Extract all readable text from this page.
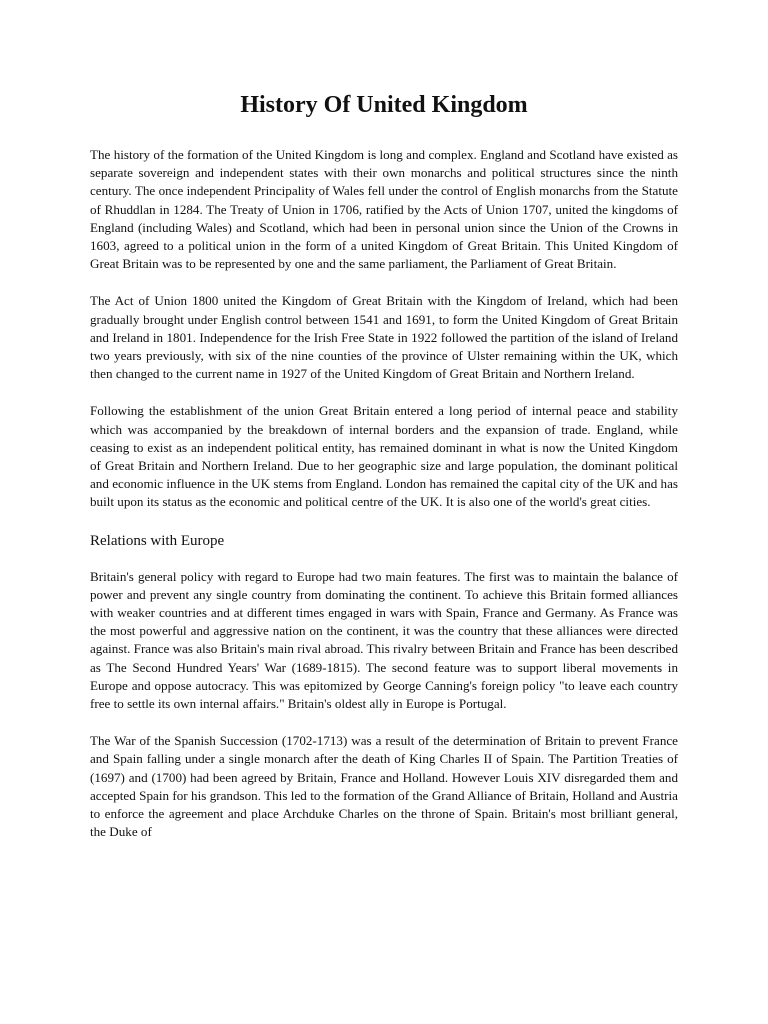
History Of United Kingdom

The history of the formation of the United Kingdom is long and complex. England and Scotland have existed as separate sovereign and independent states with their own monarchs and political structures since the ninth century. The once independent Principality of Wales fell under the control of English monarchs from the Statute of Rhuddlan in 1284. The Treaty of Union in 1706, ratified by the Acts of Union 1707, united the kingdoms of England (including Wales) and Scotland, which had been in personal union since the Union of the Crowns in 1603, agreed to a political union in the form of a united Kingdom of Great Britain. This United Kingdom of Great Britain was to be represented by one and the same parliament, the Parliament of Great Britain.

The Act of Union 1800 united the Kingdom of Great Britain with the Kingdom of Ireland, which had been gradually brought under English control between 1541 and 1691, to form the United Kingdom of Great Britain and Ireland in 1801. Independence for the Irish Free State in 1922 followed the partition of the island of Ireland two years previously, with six of the nine counties of the province of Ulster remaining within the UK, which then changed to the current name in 1927 of the United Kingdom of Great Britain and Northern Ireland.

Following the establishment of the union Great Britain entered a long period of internal peace and stability which was accompanied by the breakdown of internal borders and the expansion of trade. England, while ceasing to exist as an independent political entity, has remained dominant in what is now the United Kingdom of Great Britain and Northern Ireland. Due to her geographic size and large population, the dominant political and economic influence in the UK stems from England. London has remained the capital city of the UK and has built upon its status as the economic and political centre of the UK. It is also one of the world's great cities.

Relations with Europe

Britain's general policy with regard to Europe had two main features. The first was to maintain the balance of power and prevent any single country from dominating the continent. To achieve this Britain formed alliances with weaker countries and at different times engaged in wars with Spain, France and Germany. As France was the most powerful and aggressive nation on the continent, it was the country that these alliances were directed against. France was also Britain's main rival abroad. This rivalry between Britain and France has been described as The Second Hundred Years' War (1689-1815). The second feature was to support liberal movements in Europe and oppose autocracy. This was epitomized by George Canning's foreign policy "to leave each country free to settle its own internal affairs." Britain's oldest ally in Europe is Portugal.

The War of the Spanish Succession (1702-1713) was a result of the determination of Britain to prevent France and Spain falling under a single monarch after the death of King Charles II of Spain. The Partition Treaties of (1697) and (1700) had been agreed by Britain, France and Holland. However Louis XIV disregarded them and accepted Spain for his grandson. This led to the formation of the Grand Alliance of Britain, Holland and Austria to enforce the agreement and place Archduke Charles on the throne of Spain. Britain's most brilliant general, the Duke of
